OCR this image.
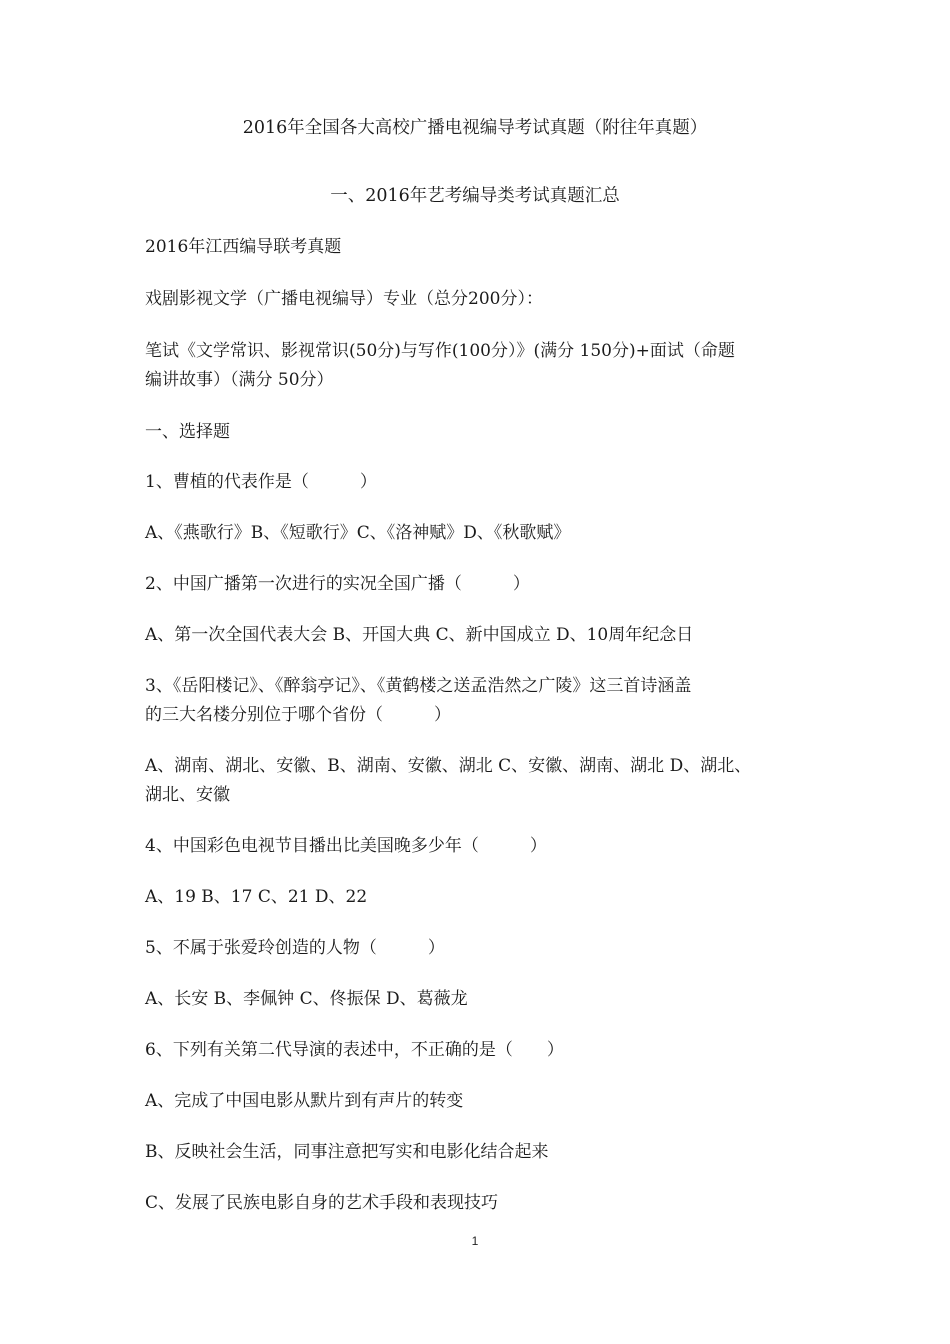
2016年全国各大高校广播电视编导考试真题（附往年真题）
一、2016年艺考编导类考试真题汇总
2016年江西编导联考真题
戏剧影视文学（广播电视编导）专业（总分200分）：
笔试《文学常识、影视常识(50分)与写作(100分）》(满分 150分)+面试（命题
编讲故事）（满分 50分）
一、选择题
1、曹植的代表作是（　　　）
A、《燕歌行》B、《短歌行》C、《洛神赋》D、《秋歌赋》
2、中国广播第一次进行的实况全国广播（　　　）
A、第一次全国代表大会 B、开国大典 C、新中国成立 D、10周年纪念日
3、《岳阳楼记》、《醉翁亭记》、《黄鹤楼之送孟浩然之广陵》这三首诗涵盖
的三大名楼分别位于哪个省份（　　　）
A、湖南、湖北、安徽、B、湖南、安徽、湖北 C、安徽、湖南、湖北 D、湖北、
湖北、安徽
4、中国彩色电视节目播出比美国晚多少年（　　　）
A、19 B、17 C、21 D、22
5、不属于张爱玲创造的人物（　　　）
A、长安 B、李佩钟 C、佟振保 D、葛薇龙
6、下列有关第二代导演的表述中，不正确的是（　　）
A、完成了中国电影从默片到有声片的转变
B、反映社会生活，同事注意把写实和电影化结合起来
C、发展了民族电影自身的艺术手段和表现技巧
1
